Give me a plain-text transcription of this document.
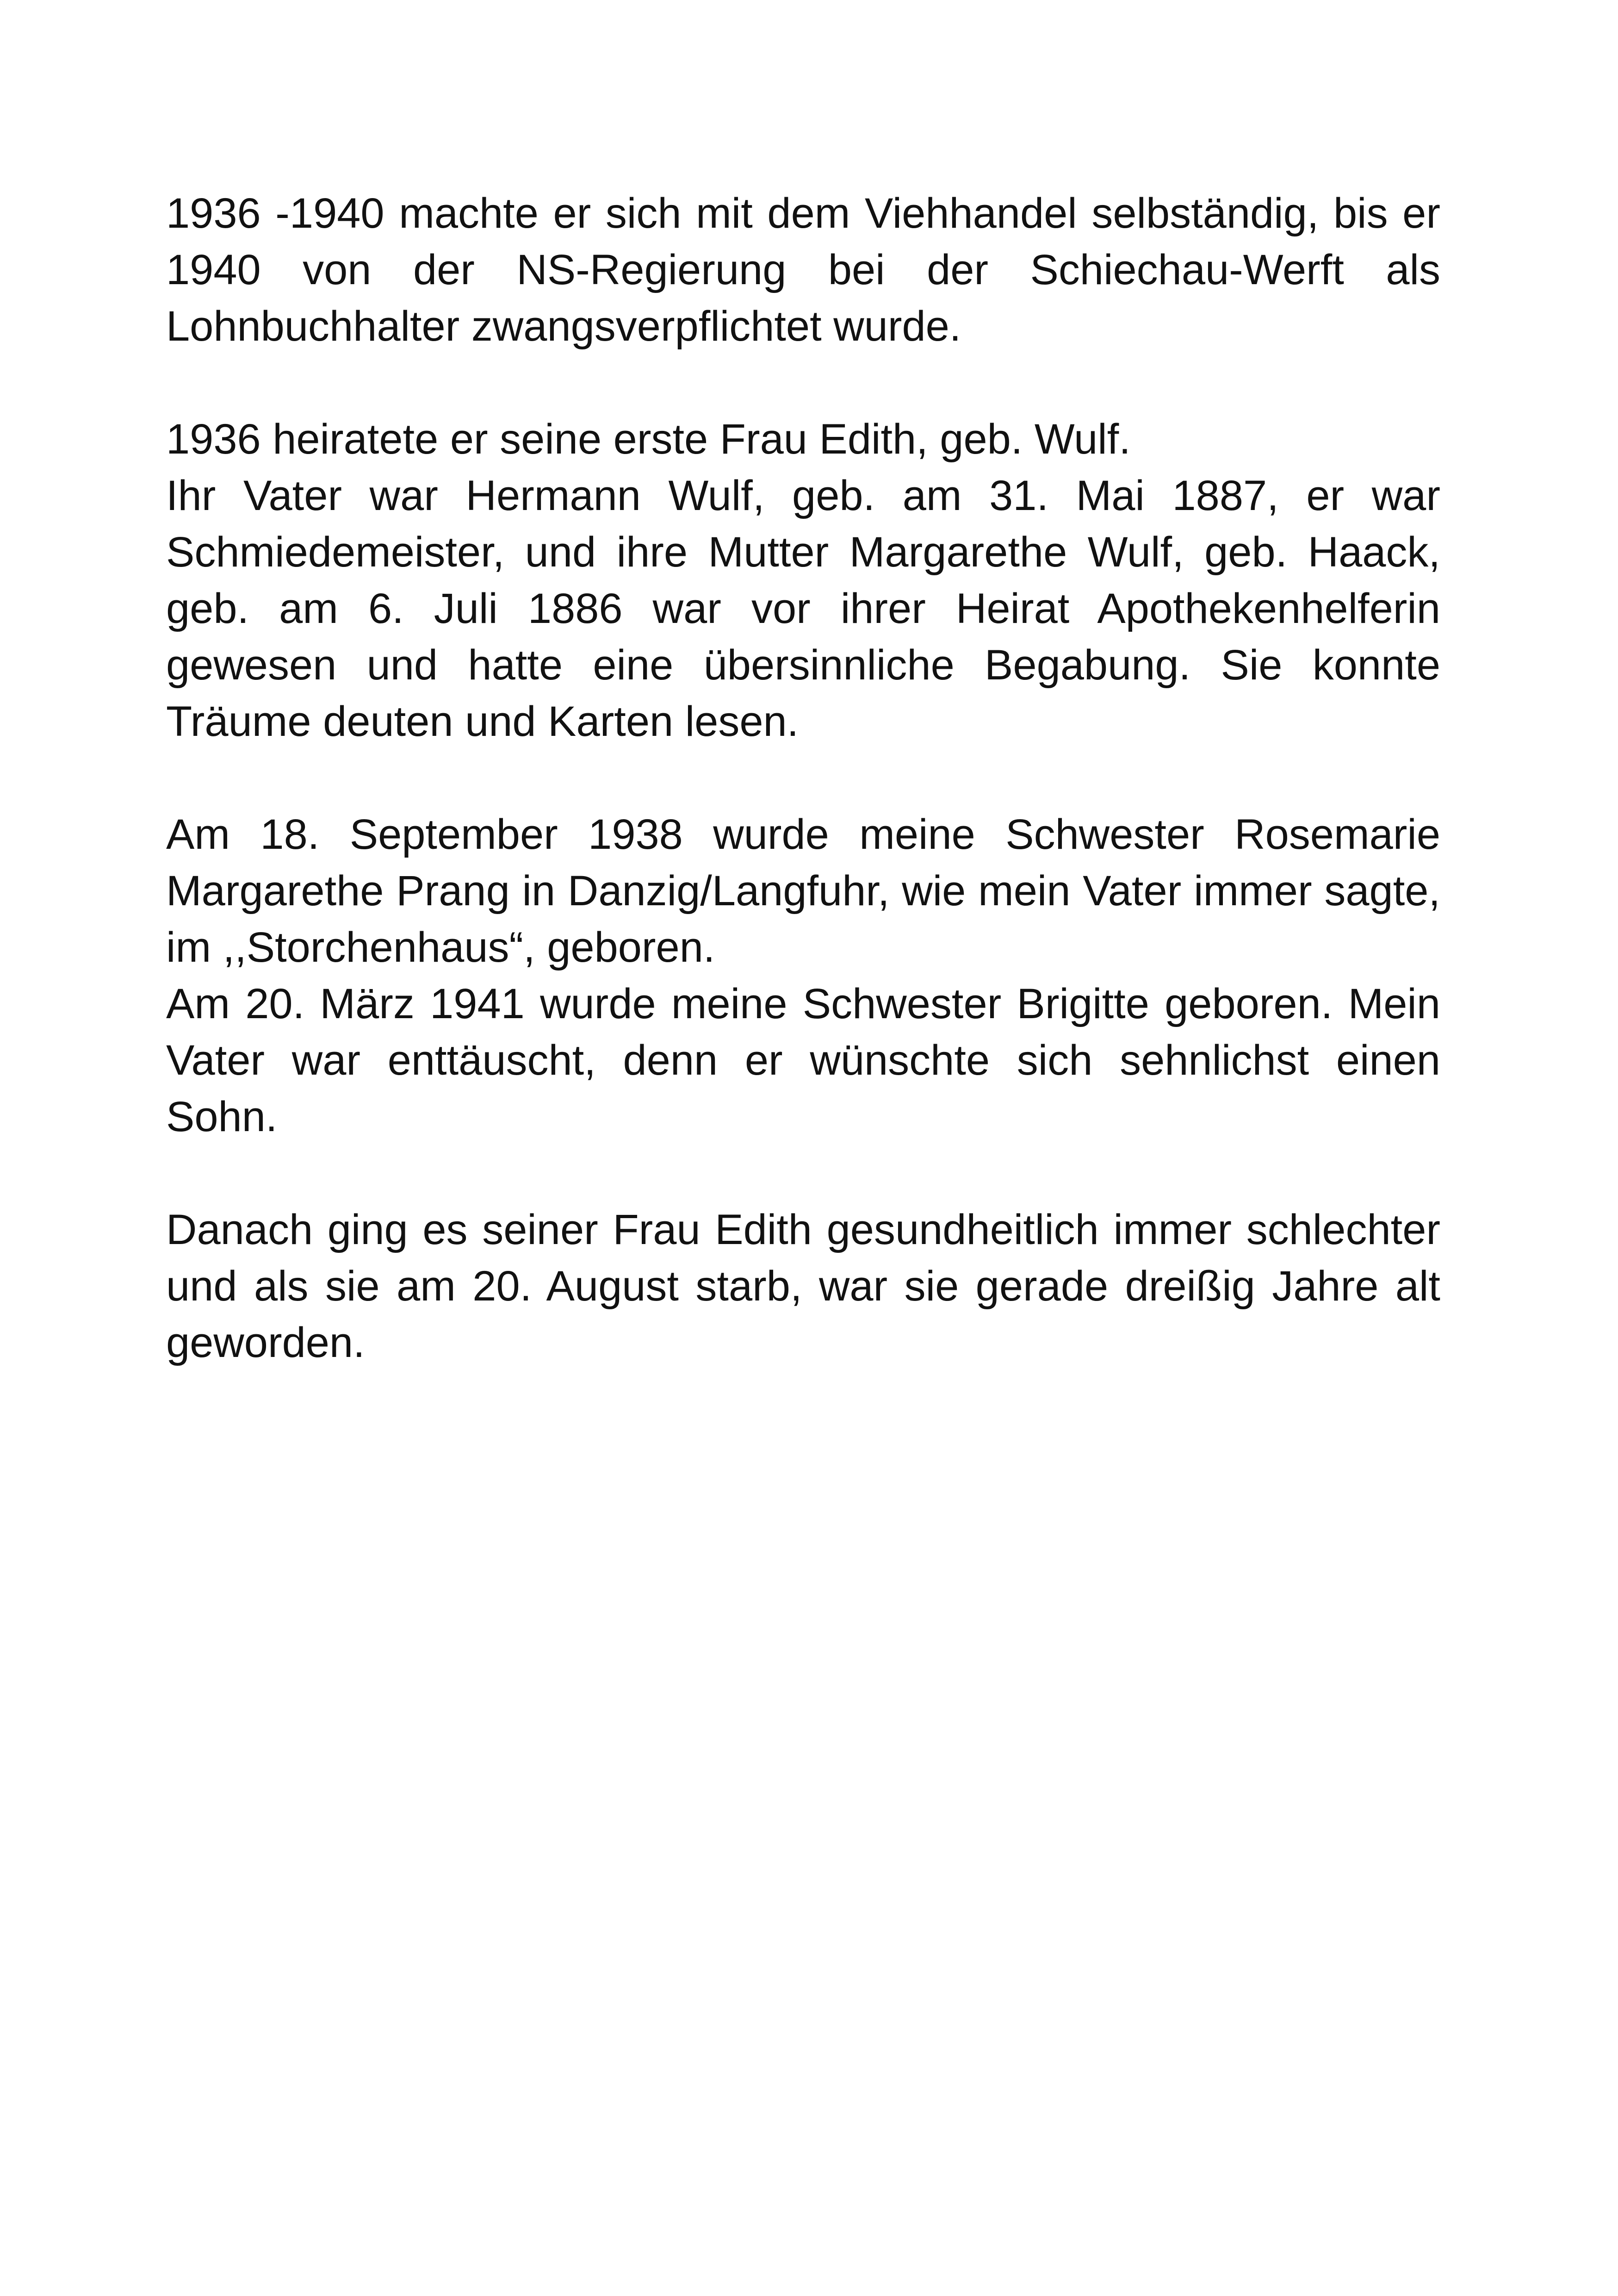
1936 -1940 machte er sich mit dem Viehhandel selbständig, bis er 1940 von der NS-Regierung bei der Schiechau-Werft als Lohnbuchhalter zwangsverpflichtet wurde.

1936 heiratete er seine erste Frau Edith, geb. Wulf.

Ihr Vater war Hermann Wulf, geb. am 31. Mai 1887, er war Schmiedemeister, und ihre Mutter Margarethe Wulf, geb. Haack, geb. am 6. Juli 1886 war vor ihrer Heirat Apothekenhelferin gewesen und hatte eine übersinnliche Begabung. Sie konnte Träume deuten und Karten lesen.

Am 18. September 1938 wurde meine Schwester Rosemarie Margarethe Prang in Danzig/Langfuhr, wie mein Vater immer sagte, im ,,Storchenhaus“, geboren.

Am 20. März 1941 wurde meine Schwester Brigitte geboren. Mein Vater war enttäuscht, denn er wünschte sich sehnlichst einen Sohn.

Danach ging es seiner Frau Edith gesundheitlich immer schlechter und als sie am 20. August starb, war sie gerade dreißig Jahre alt geworden.
